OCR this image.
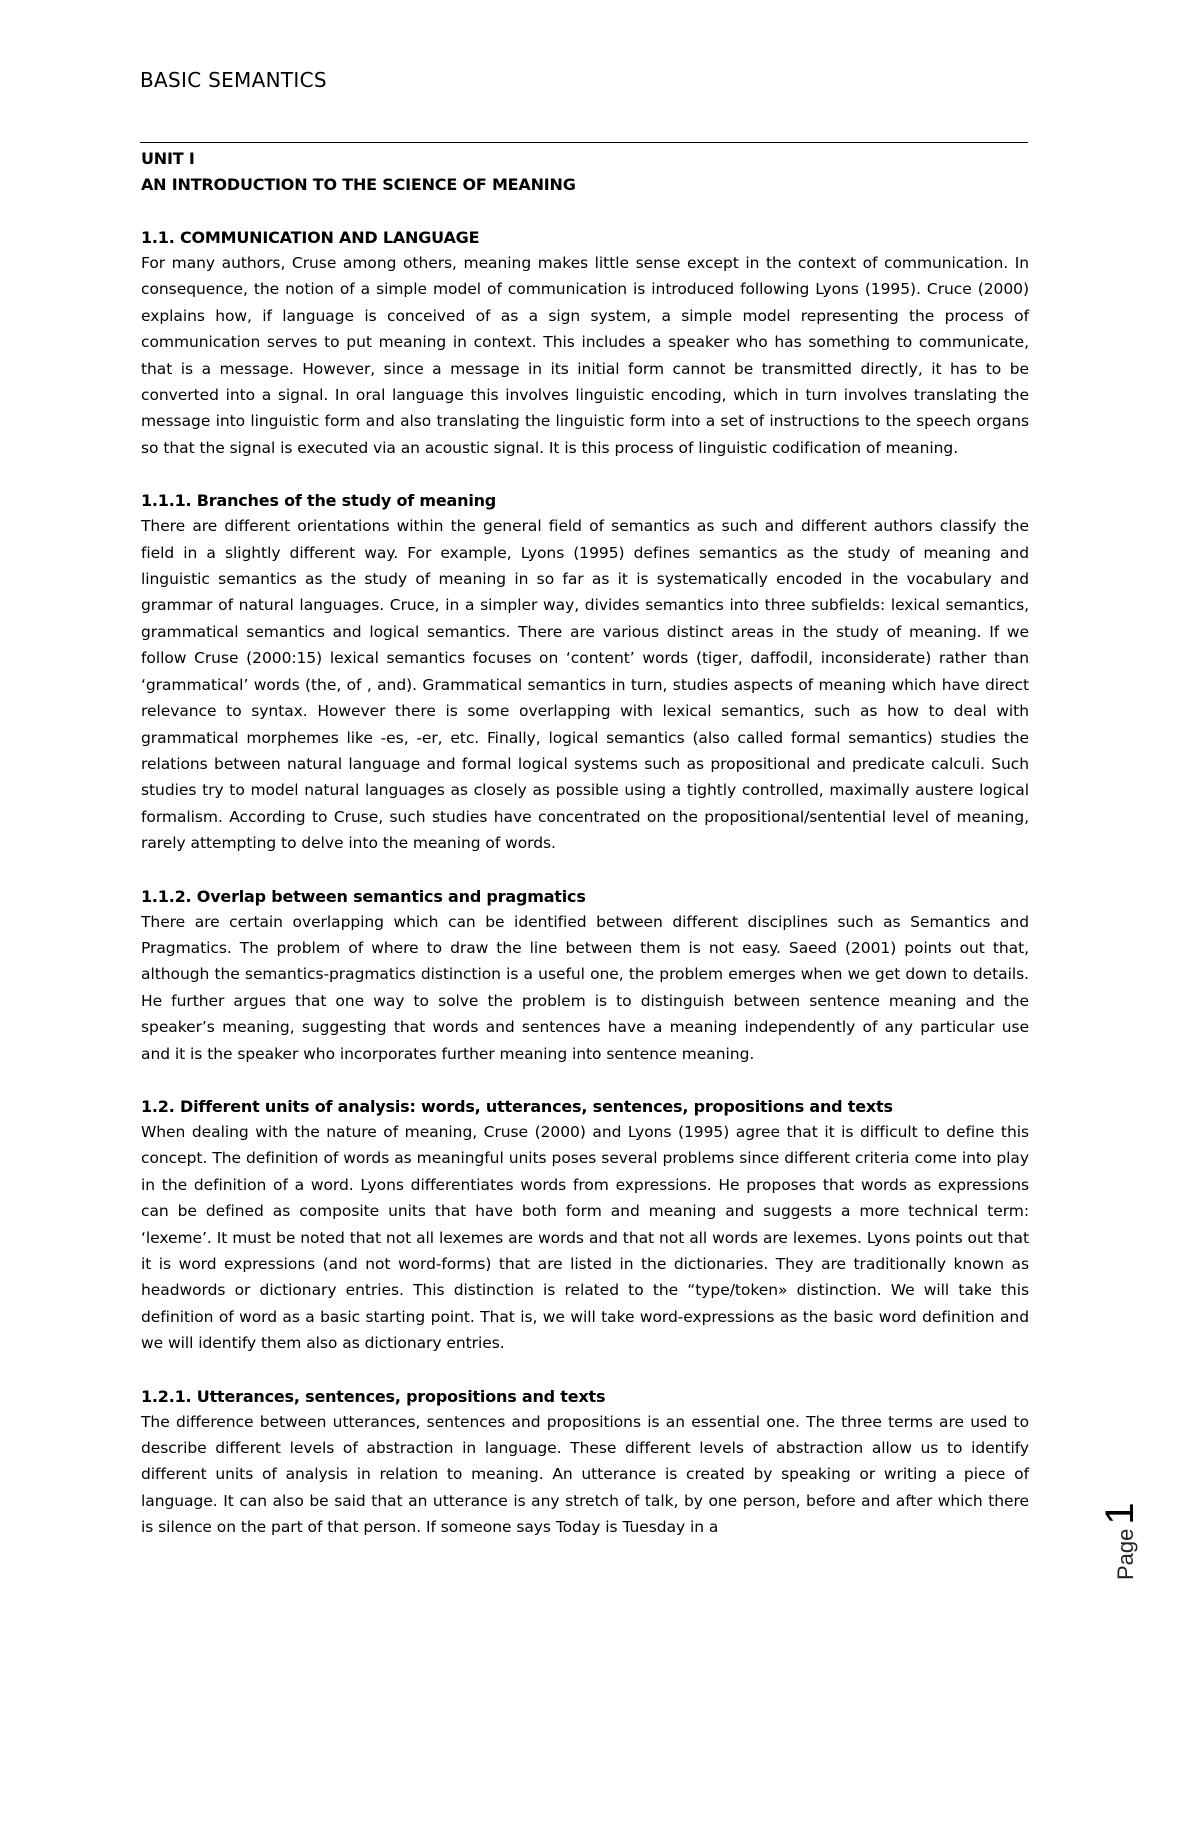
BASIC SEMANTICS
UNIT I
AN INTRODUCTION TO THE SCIENCE OF MEANING
1.1. COMMUNICATION AND LANGUAGE
For many authors, Cruse among others, meaning makes little sense except in the context of communication. In consequence, the notion of a simple model of communication is introduced following Lyons (1995). Cruce (2000) explains how, if language is conceived of as a sign system, a simple model representing the process of communication serves to put meaning in context. This includes a speaker who has something to communicate, that is a message. However, since a message in its initial form cannot be transmitted directly, it has to be converted into a signal. In oral language this involves linguistic encoding, which in turn involves translating the message into linguistic form and also translating the linguistic form into a set of instructions to the speech organs so that the signal is executed via an acoustic signal. It is this process of linguistic codification of meaning.
1.1.1. Branches of the study of meaning
There are different orientations within the general field of semantics as such and different authors classify the field in a slightly different way. For example, Lyons (1995) defines semantics as the study of meaning and linguistic semantics as the study of meaning in so far as it is systematically encoded in the vocabulary and grammar of natural languages. Cruce, in a simpler way, divides semantics into three subfields: lexical semantics, grammatical semantics and logical semantics. There are various distinct areas in the study of meaning. If we follow Cruse (2000:15) lexical semantics focuses on ‘content’ words (tiger, daffodil, inconsiderate) rather than ‘grammatical’ words (the, of , and). Grammatical semantics in turn, studies aspects of meaning which have direct relevance to syntax. However there is some overlapping with lexical semantics, such as how to deal with grammatical morphemes like -es, -er, etc. Finally, logical semantics (also called formal semantics) studies the relations between natural language and formal logical systems such as propositional and predicate calculi. Such studies try to model natural languages as closely as possible using a tightly controlled, maximally austere logical formalism. According to Cruse, such studies have concentrated on the propositional/sentential level of meaning, rarely attempting to delve into the meaning of words.
1.1.2. Overlap between semantics and pragmatics
There are certain overlapping which can be identified between different disciplines such as Semantics and Pragmatics. The problem of where to draw the line between them is not easy. Saeed (2001) points out that, although the semantics-pragmatics distinction is a useful one, the problem emerges when we get down to details. He further argues that one way to solve the problem is to distinguish between sentence meaning and the speaker’s meaning, suggesting that words and sentences have a meaning independently of any particular use and it is the speaker who incorporates further meaning into sentence meaning.
1.2. Different units of analysis: words, utterances, sentences, propositions and texts
When dealing with the nature of meaning, Cruse (2000) and Lyons (1995) agree that it is difficult to define this concept. The definition of words as meaningful units poses several problems since different criteria come into play in the definition of a word. Lyons differentiates words from expressions. He proposes that words as expressions can be defined as composite units that have both form and meaning and suggests a more technical term: ‘lexeme’. It must be noted that not all lexemes are words and that not all words are lexemes. Lyons points out that it is word expressions (and not word-forms) that are listed in the dictionaries. They are traditionally known as headwords or dictionary entries. This distinction is related to the “type/token» distinction. We will take this definition of word as a basic starting point. That is, we will take word-expressions as the basic word definition and we will identify them also as dictionary entries.
1.2.1. Utterances, sentences, propositions and texts
The difference between utterances, sentences and propositions is an essential one. The three terms are used to describe different levels of abstraction in language. These different levels of abstraction allow us to identify different units of analysis in relation to meaning. An utterance is created by speaking or writing a piece of language. It can also be said that an utterance is any stretch of talk, by one person, before and after which there is silence on the part of that person. If someone says Today is Tuesday in a
Page
1
